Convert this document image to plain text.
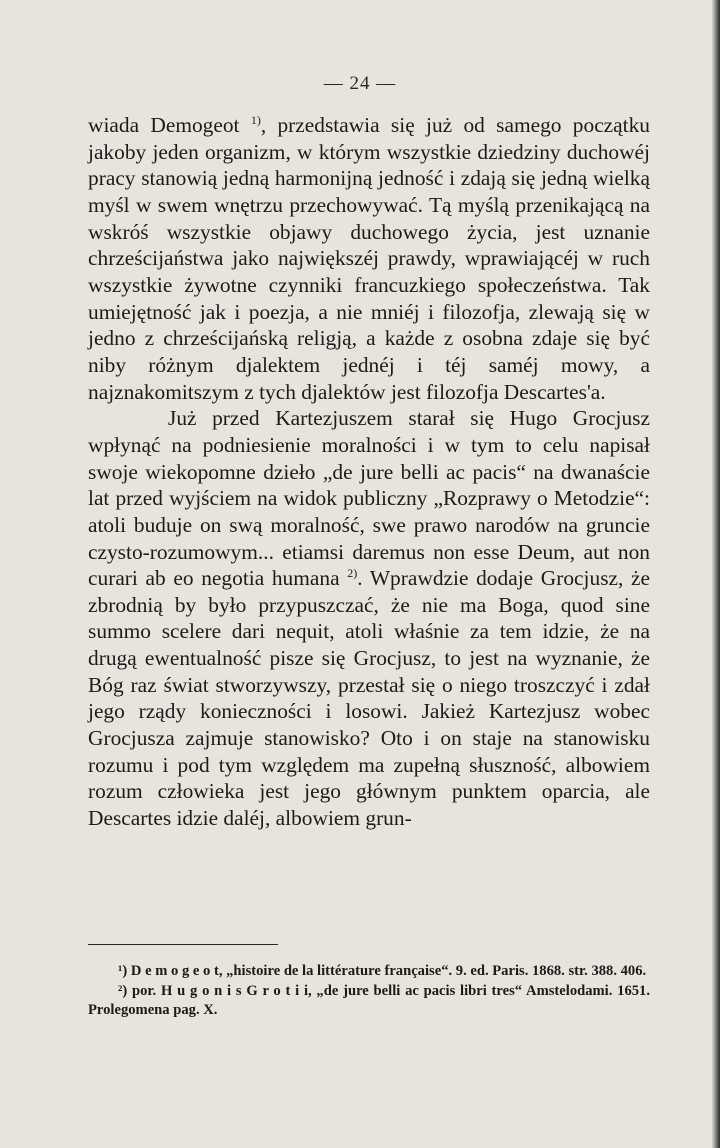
— 24 —

wiada Demogeot $^{1)}$, przedstawia się już od samego początku jakoby jeden organizm, w którym wszystkie dziedziny duchowéj pracy stanowią jedną harmonijną jedność i zdają się jedną wielką myśl w swem wnętrzu przechowywać. Tą myślą przenikającą na wskróś wszystkie objawy duchowego życia, jest uznanie chrześcijaństwa jako największéj prawdy, wprawiającéj w ruch wszystkie żywotne czynniki francuzkiego społeczeństwa. Tak umiejętność jak i poezja, a nie mniéj i filozofja, zlewają się w jedno z chrześcijańską religją, a każde z osobna zdaje się być niby różnym djalektem jednéj i téj saméj mowy, a najznakomitszym z tych djalektów jest filozofja Descartes'a.

Już przed Kartezjuszem starał się Hugo Grocjusz wpłynąć na podniesienie moralności i w tym to celu napisał swoje wiekopomne dzieło „de jure belli ac pacis“ na dwanaście lat przed wyjściem na widok publiczny „Rozprawy o Metodzie“: atoli buduje on swą moralność, swe prawo narodów na gruncie czysto-rozumowym... etiamsi daremus non esse Deum, aut non curari ab eo negotia humana $^{2)}$. Wprawdzie dodaje Grocjusz, że zbrodnią by było przypuszczać, że nie ma Boga, quod sine summo scelere dari nequit, atoli właśnie za tem idzie, że na drugą ewentualność pisze się Grocjusz, to jest na wyznanie, że Bóg raz świat stworzywszy, przestał się o niego troszczyć i zdał jego rządy konieczności i losowi. Jakież Kartezjusz wobec Grocjusza zajmuje stanowisko? Oto i on staje na stanowisku rozumu i pod tym względem ma zupełną słuszność, albowiem rozum człowieka jest jego głównym punktem oparcia, ale Descartes idzie daléj, albowiem grun-

¹) D e m o g e o t, „histoire de la littérature française“. 9. ed. Paris. 1868. str. 388. 406.

²) por. H u g o n i s G r o t i i, „de jure belli ac pacis libri tres“ Amstelodami. 1651. Prolegomena pag. X.
